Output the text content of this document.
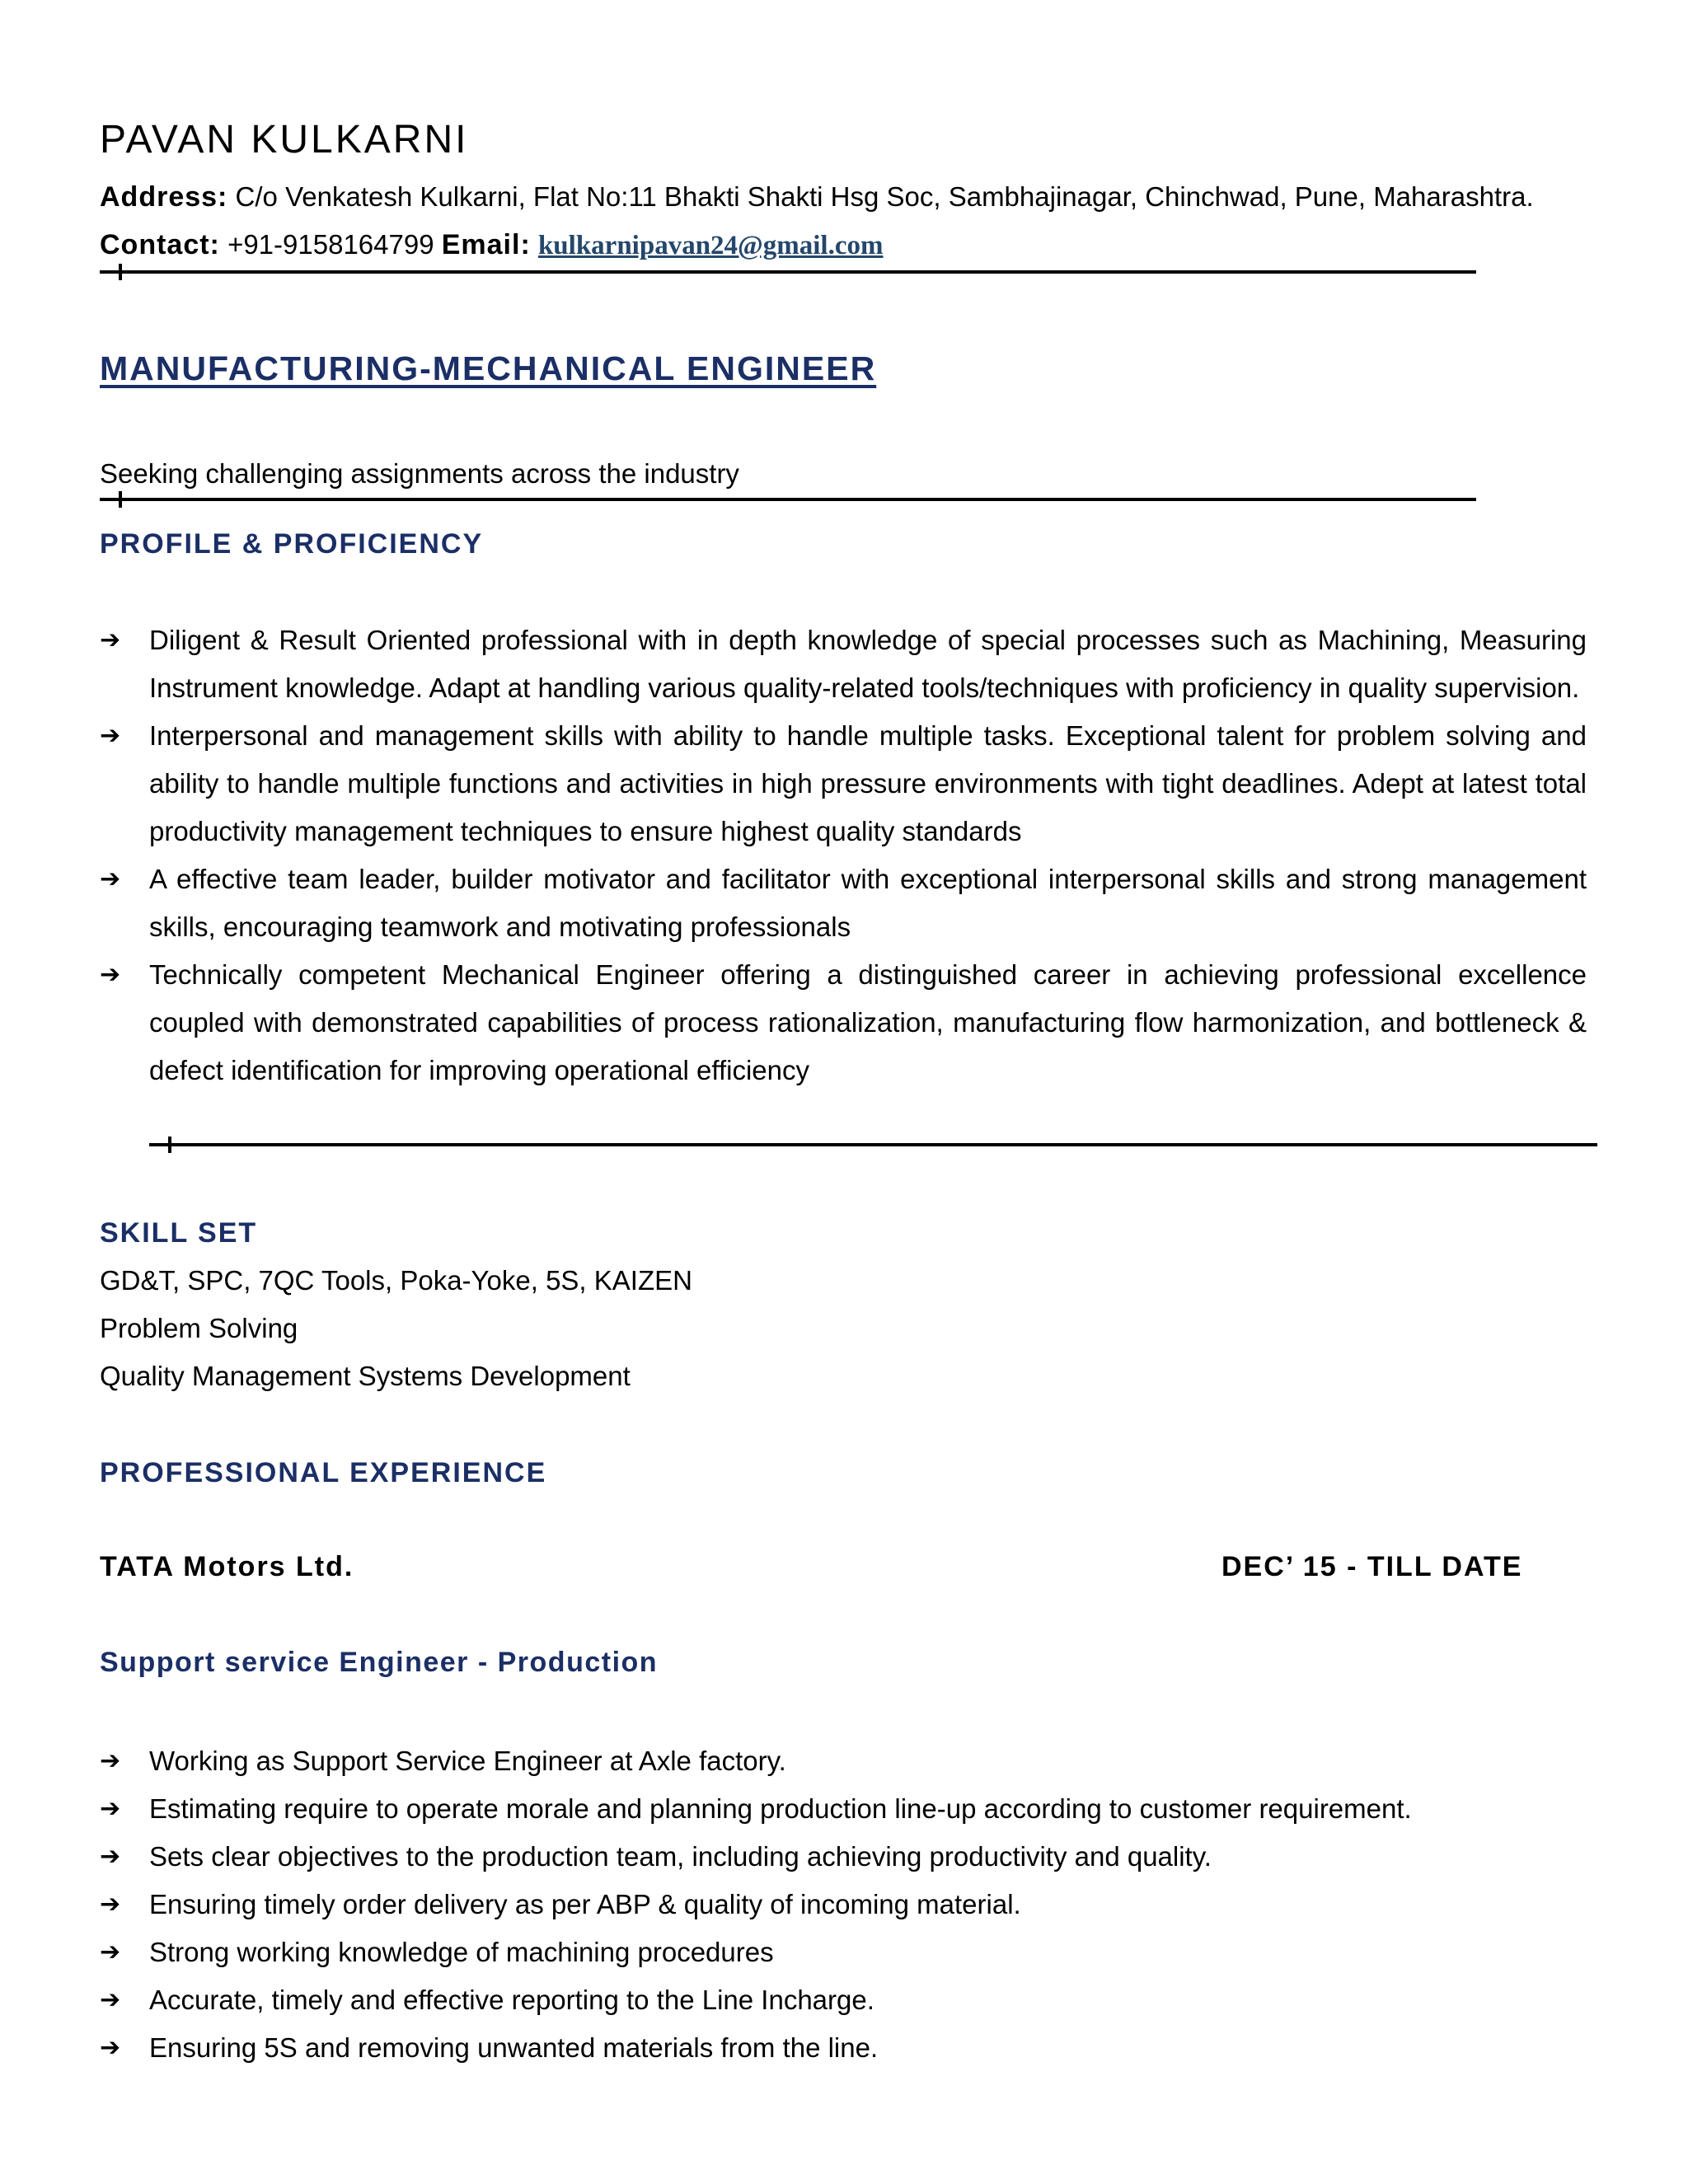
PAVAN KULKARNI
Address: C/o Venkatesh Kulkarni, Flat No:11 Bhakti Shakti Hsg Soc, Sambhajinagar, Chinchwad, Pune, Maharashtra.
Contact: +91-9158164799 Email: kulkarnipavan24@gmail.com
MANUFACTURING-MECHANICAL ENGINEER
Seeking challenging assignments across the industry
PROFILE & PROFICIENCY
➔ Diligent & Result Oriented professional with in depth knowledge of special processes such as Machining, Measuring Instrument knowledge. Adapt at handling various quality-related tools/techniques with proficiency in quality supervision.
➔ Interpersonal and management skills with ability to handle multiple tasks. Exceptional talent for problem solving and ability to handle multiple functions and activities in high pressure environments with tight deadlines. Adept at latest total productivity management techniques to ensure highest quality standards
➔ A effective team leader, builder motivator and facilitator with exceptional interpersonal skills and strong management skills, encouraging teamwork and motivating professionals
➔ Technically competent Mechanical Engineer offering a distinguished career in achieving professional excellence coupled with demonstrated capabilities of process rationalization, manufacturing flow harmonization, and bottleneck & defect identification for improving operational efficiency
SKILL SET
GD&T, SPC, 7QC Tools, Poka-Yoke, 5S, KAIZEN
Problem Solving
Quality Management Systems Development
PROFESSIONAL EXPERIENCE
TATA Motors Ltd.	DEC’ 15 - TILL DATE
Support service Engineer - Production
➔ Working as Support Service Engineer at Axle factory.
➔ Estimating require to operate morale and planning production line-up according to customer requirement.
➔ Sets clear objectives to the production team, including achieving productivity and quality.
➔ Ensuring timely order delivery as per ABP & quality of incoming material.
➔ Strong working knowledge of machining procedures
➔ Accurate, timely and effective reporting to the Line Incharge.
➔ Ensuring 5S and removing unwanted materials from the line.
